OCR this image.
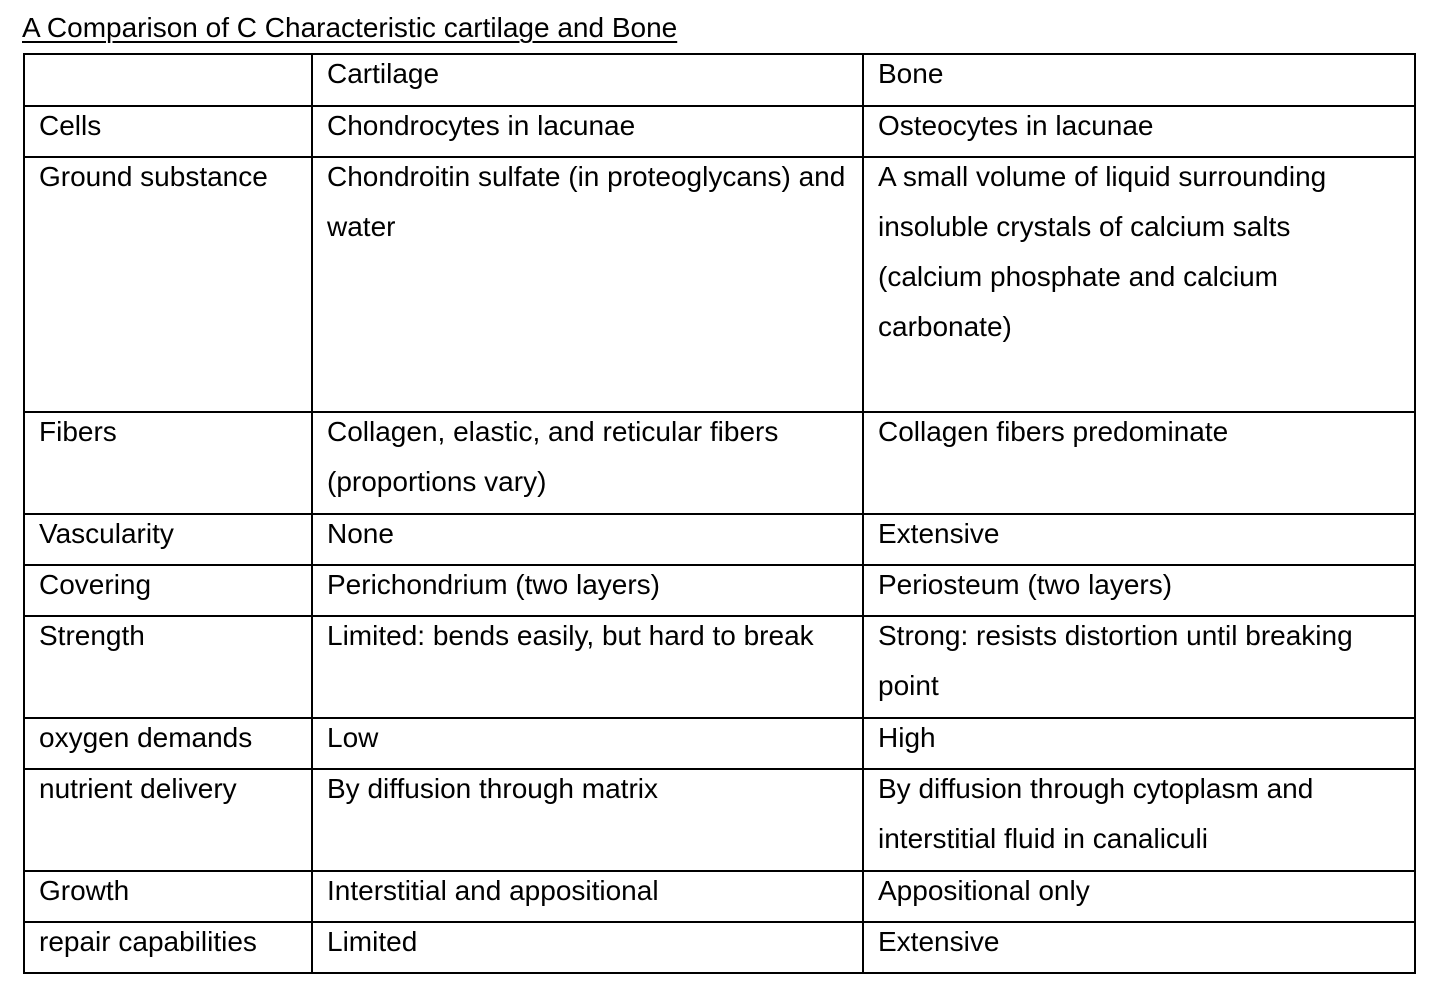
A Comparison of C Characteristic cartilage and Bone

	Cartilage	Bone

Cells	Chondrocytes in lacunae	Osteocytes in lacunae

Ground substance	Chondroitin sulfate (in proteoglycans) and water	A small volume of liquid surrounding insoluble crystals of calcium salts (calcium phosphate and calcium carbonate)

Fibers	Collagen, elastic, and reticular fibers (proportions vary)	Collagen fibers predominate

Vascularity	None	Extensive

Covering	Perichondrium (two layers)	Periosteum (two layers)

Strength	Limited: bends easily, but hard to break	Strong: resists distortion until breaking point

oxygen demands	Low	High

nutrient delivery	By diffusion through matrix	By diffusion through cytoplasm and interstitial fluid in canaliculi

Growth	Interstitial and appositional	Appositional only

repair capabilities	Limited	Extensive
